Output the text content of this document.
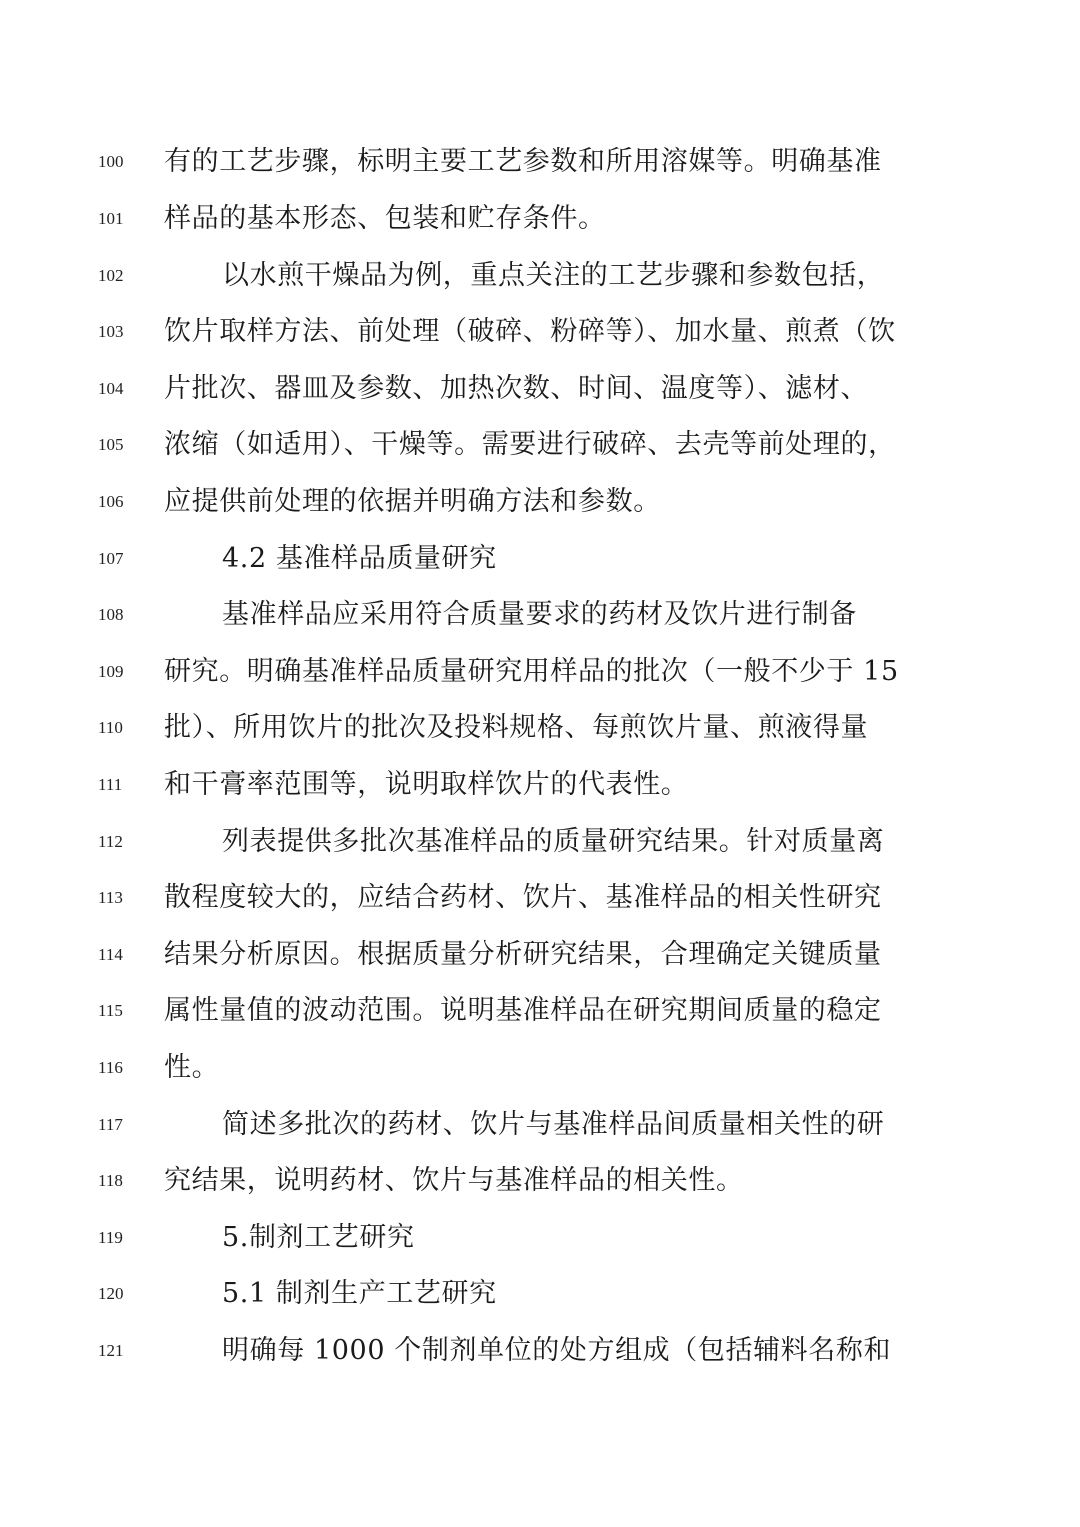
100	有的工艺步骤，标明主要工艺参数和所用溶媒等。明确基准
101	样品的基本形态、包装和贮存条件。
102	以水煎干燥品为例，重点关注的工艺步骤和参数包括，
103	饮片取样方法、前处理（破碎、粉碎等）、加水量、煎煮（饮
104	片批次、器皿及参数、加热次数、时间、温度等）、滤材、
105	浓缩（如适用）、干燥等。需要进行破碎、去壳等前处理的，
106	应提供前处理的依据并明确方法和参数。
107	4.2 基准样品质量研究
108	基准样品应采用符合质量要求的药材及饮片进行制备
109	研究。明确基准样品质量研究用样品的批次（一般不少于 15
110	批）、所用饮片的批次及投料规格、每煎饮片量、煎液得量
111	和干膏率范围等，说明取样饮片的代表性。
112	列表提供多批次基准样品的质量研究结果。针对质量离
113	散程度较大的，应结合药材、饮片、基准样品的相关性研究
114	结果分析原因。根据质量分析研究结果，合理确定关键质量
115	属性量值的波动范围。说明基准样品在研究期间质量的稳定
116	性。
117	简述多批次的药材、饮片与基准样品间质量相关性的研
118	究结果，说明药材、饮片与基准样品的相关性。
119	5.制剂工艺研究
120	5.1 制剂生产工艺研究
121	明确每 1000 个制剂单位的处方组成（包括辅料名称和
